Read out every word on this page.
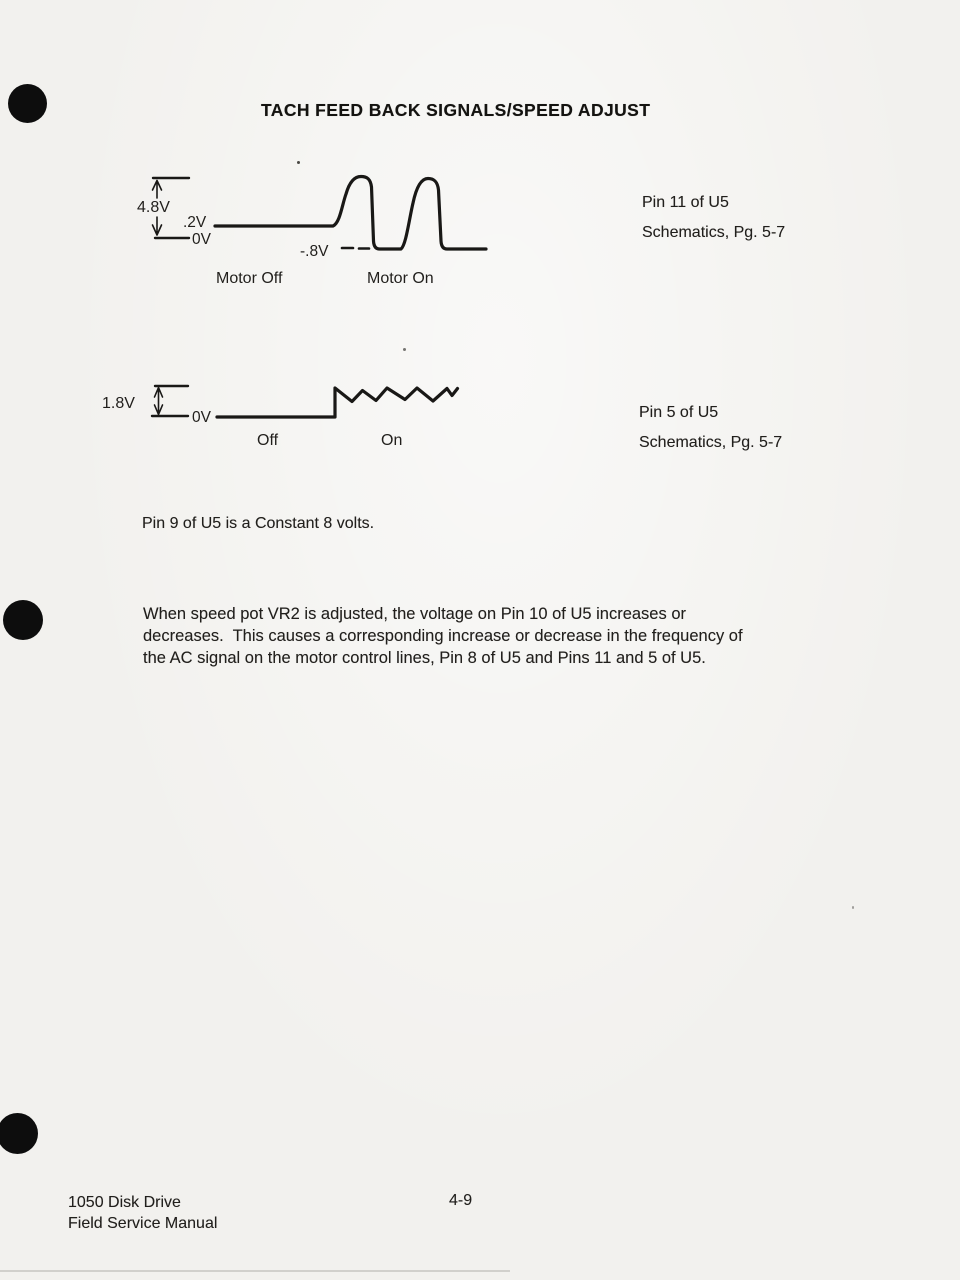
TACH FEED BACK SIGNALS/SPEED ADJUST
4.8V
.2V
0V
-.8V
Motor Off	Motor On
Pin 11 of U5
Schematics, Pg. 5-7
1.8V
0V
Off	On
Pin 5 of U5
Schematics, Pg. 5-7
Pin 9 of U5 is a Constant 8 volts.
When speed pot VR2 is adjusted, the voltage on Pin 10 of U5 increases or
decreases.  This causes a corresponding increase or decrease in the frequency of
the AC signal on the motor control lines, Pin 8 of U5 and Pins 11 and 5 of U5.
1050 Disk Drive
Field Service Manual
4-9
